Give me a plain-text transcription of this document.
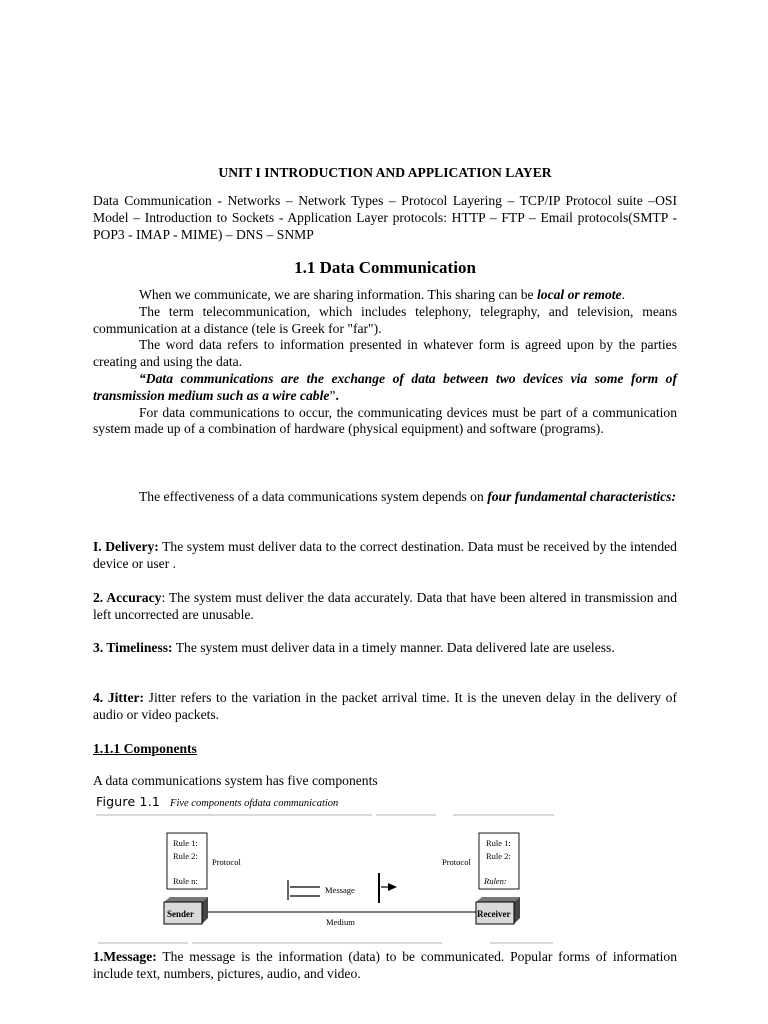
UNIT I INTRODUCTION AND APPLICATION LAYER

Data Communication - Networks – Network Types – Protocol Layering – TCP/IP Protocol suite –OSI Model – Introduction to Sockets - Application Layer protocols: HTTP – FTP – Email protocols(SMTP - POP3 - IMAP - MIME) – DNS – SNMP

1.1 Data Communication

When we communicate, we are sharing information. This sharing can be local or remote.

The term telecommunication, which includes telephony, telegraphy, and television, means communication at a distance (tele is Greek for "far").

The word data refers to information presented in whatever form is agreed upon by the parties creating and using the data.

“Data communications are the exchange of data between two devices via some form of transmission medium such as a wire cable”.

For data communications to occur, the communicating devices must be part of a communication system made up of a combination of hardware (physical equipment) and software (programs).

The effectiveness of a data communications system depends on four fundamental characteristics:

I. Delivery: The system must deliver data to the correct destination. Data must be received by the intended device or user .

2. Accuracy: The system must deliver the data accurately. Data that have been altered in transmission and left uncorrected are unusable.

3. Timeliness: The system must deliver data in a timely manner. Data delivered late are useless.

4. Jitter: Jitter refers to the variation in the packet arrival time. It is the uneven delay in the delivery of audio or video packets.

1.1.1 Components

A data communications system has five components

Figure 1.1 Five components ofdata communication
Rule 1:
Rule 2:
Rule n:
Rule 1:
Rule 2:
Rulen:
Protocol	Protocol
Message
Medium
Sender	Receiver

1.Message: The message is the information (data) to be communicated. Popular forms of information include text, numbers, pictures, audio, and video.
